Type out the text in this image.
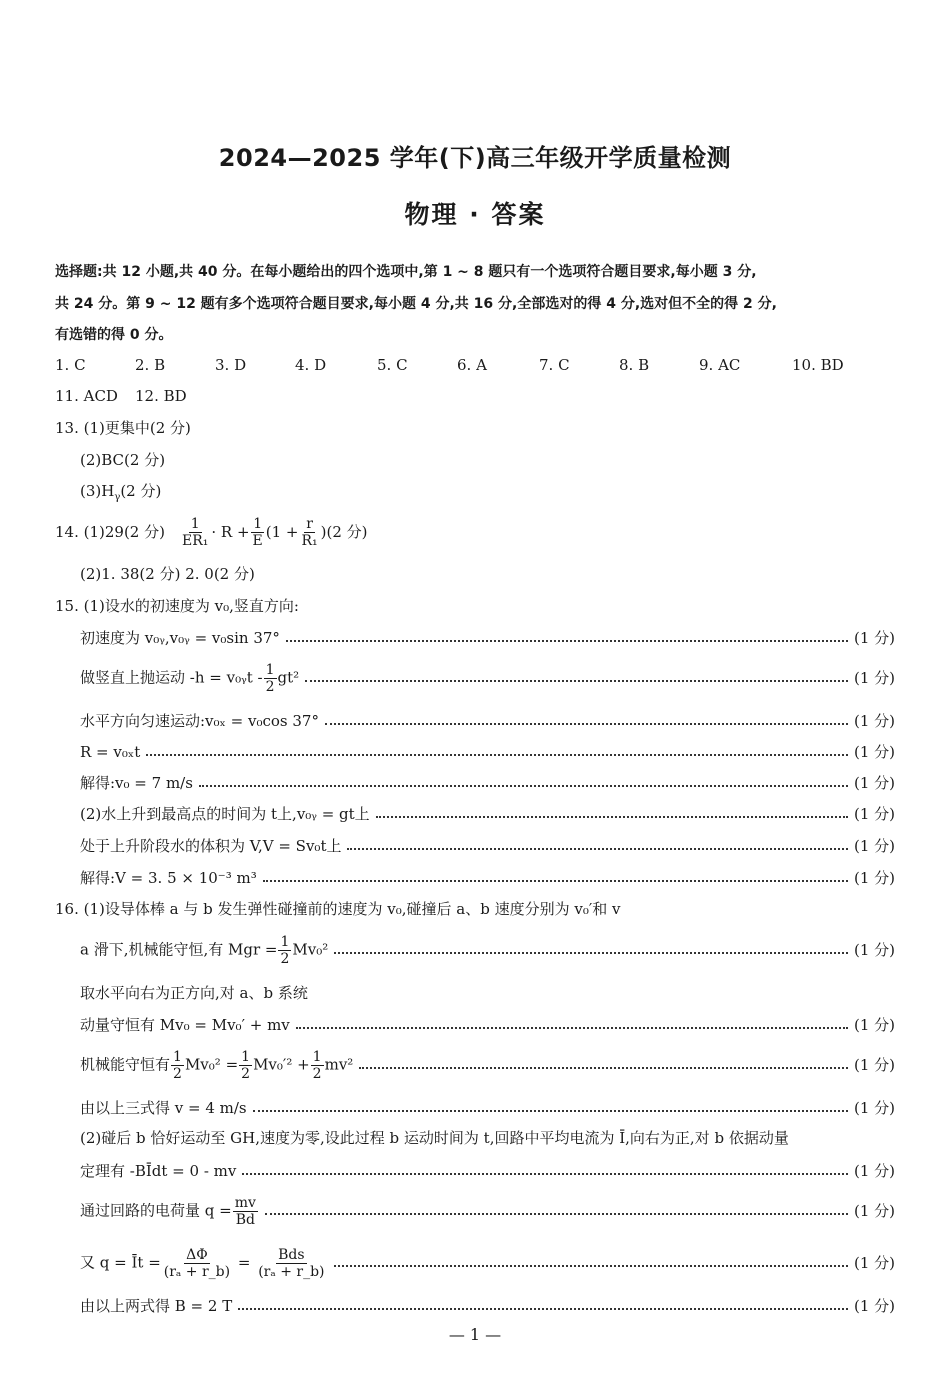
2024—2025 学年(下)高三年级开学质量检测
物理 · 答案

选择题:共 12 小题,共 40 分。在每小题给出的四个选项中,第 1 ~ 8 题只有一个选项符合题目要求,每小题 3 分,

共 24 分。第 9 ~ 12 题有多个选项符合题目要求,每小题 4 分,共 16 分,全部选对的得 4 分,选对但不全的得 2 分,

有选错的得 0 分。

1. C	2. B	3. D	4. D	5. C	6. A	7. C	8. B	9. AC	10. BD
11. ACD 12. BD
13. (1)更集中(2 分)
(2)BC(2 分)
$(3)H_\gamma(2$ 分)
14. (1)29(2 分) $\frac{1}{\text{ER₁}} \cdot R + \frac{1}{E} (1 + \frac{r}{\text{R₁}}$ ) (2 分)
(2)1. 38(2 分) 2. 0(2 分)
15. (1)设水的初速度为 v₀,竖直方向:
初速度为 v₀ᵧ,v₀ᵧ = v₀sin 37°	(1 分)
做竖直上抛运动 -h = v₀ᵧt - $\frac{1}{2} gt^2$	(1 分)
水平方向匀速运动:v₀ₓ = v₀cos 37°	(1 分)
R = v₀ₓt	(1 分)
解得:v₀ = 7 m/s	(1 分)
(2)水上升到最高点的时间为 t上,v₀ᵧ = gt上	(1 分)
处于上升阶段水的体积为 V,V = Sv₀t上	(1 分)
解得:V = 3. 5 × 10⁻³ m³	(1 分)
16. (1)设导体棒 a 与 b 发生弹性碰撞前的速度为 v₀,碰撞后 a、b 速度分别为 v₀′和 v
a 滑下,机械能守恒,有 Mgr = $\frac{1}{2} Mv_0^2$	(1 分)
取水平向右为正方向,对 a、b 系统
动量守恒有 Mv₀ = Mv₀′ + mv	(1 分)
机械能守恒有 $\frac{1}{2} Mv_0^2 = \frac{1}{2} Mv_0'^2 + \frac{1}{2} mv^2$	(1 分)
由以上三式得 v = 4 m/s	(1 分)
(2)碰后 b 恰好运动至 GH,速度为零,设此过程 b 运动时间为 t,回路中平均电流为 Ī,向右为正,对 b 依据动量
定理有 -BĪdt = 0 - mv	(1 分)
通过回路的电荷量 $q = \frac{mv}{Bd}$	(1 分)
又 q = Īt = $\frac{\Delta\Phi}{\text{(rₐ + r\_b)}} = \frac{\text{Bds}}{\text{(rₐ + r\_b)}}$	(1 分)
由以上两式得 B = 2 T	(1 分)
— 1 —
